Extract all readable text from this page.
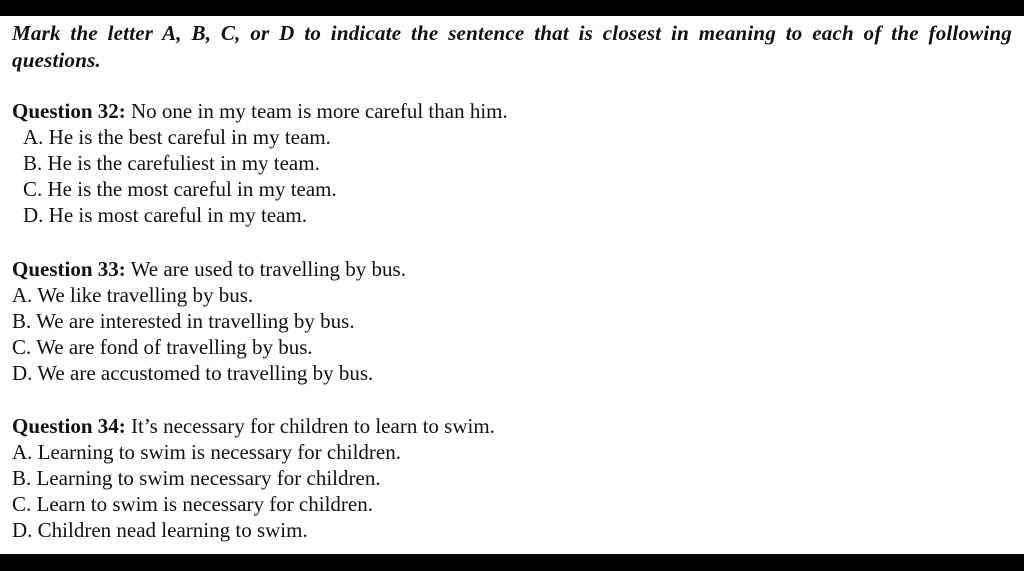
Mark the letter A, B, C, or D to indicate the sentence that is closest in meaning to each of the following questions.
Question 32: No one in my team is more careful than him.
A. He is the best careful in my team.
B. He is the carefuliest in my team.
C. He is the most careful in my team.
D. He is most careful in my team.
Question 33: We are used to travelling by bus.
A. We like travelling by bus.
B. We are interested in travelling by bus.
C. We are fond of travelling by bus.
D. We are accustomed to travelling by bus.
Question 34: It’s necessary for children to learn to swim.
A. Learning to swim is necessary for children.
B. Learning to swim necessary for children.
C. Learn to swim is necessary for children.
D. Children nead learning to swim.
